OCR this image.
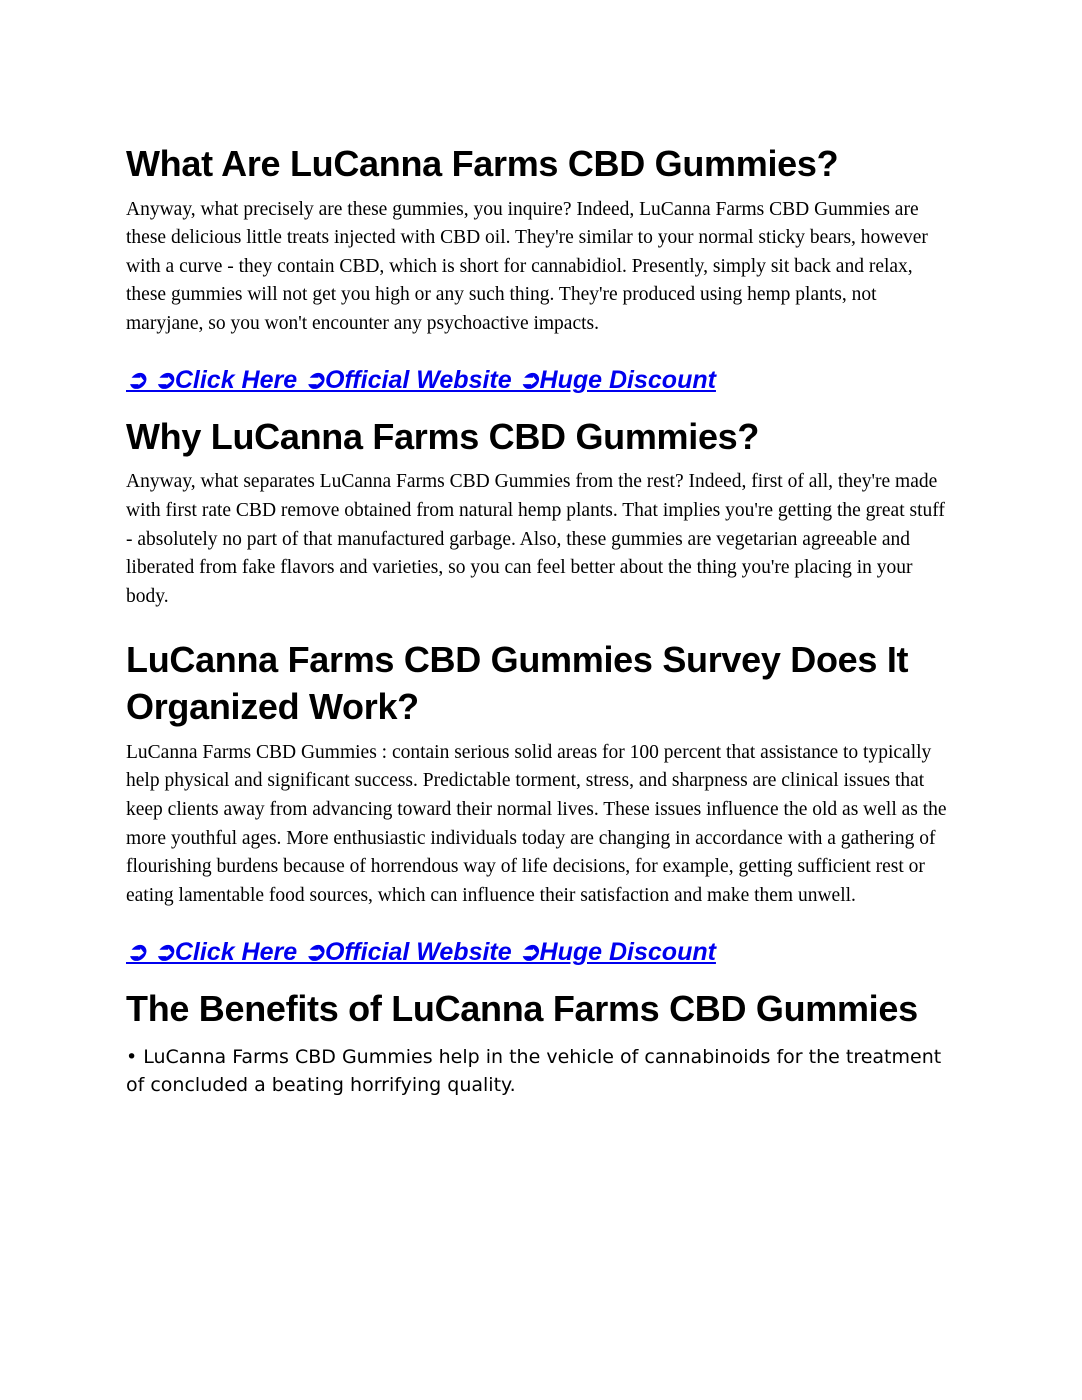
What Are LuCanna Farms CBD Gummies?

Anyway, what precisely are these gummies, you inquire? Indeed, LuCanna Farms CBD Gummies are these delicious little treats injected with CBD oil. They're similar to your normal sticky bears, however with a curve - they contain CBD, which is short for cannabidiol. Presently, simply sit back and relax, these gummies will not get you high or any such thing. They're produced using hemp plants, not maryjane, so you won't encounter any psychoactive impacts.

➲ ➲Click Here ➲Official Website ➲Huge Discount
Why LuCanna Farms CBD Gummies?

Anyway, what separates LuCanna Farms CBD Gummies from the rest? Indeed, first of all, they're made with first rate CBD remove obtained from natural hemp plants. That implies you're getting the great stuff - absolutely no part of that manufactured garbage. Also, these gummies are vegetarian agreeable and liberated from fake flavors and varieties, so you can feel better about the thing you're placing in your body.

LuCanna Farms CBD Gummies Survey Does It Organized Work?

LuCanna Farms CBD Gummies : contain serious solid areas for 100 percent that assistance to typically help physical and significant success. Predictable torment, stress, and sharpness are clinical issues that keep clients away from advancing toward their normal lives. These issues influence the old as well as the more youthful ages. More enthusiastic individuals today are changing in accordance with a gathering of flourishing burdens because of horrendous way of life decisions, for example, getting sufficient rest or eating lamentable food sources, which can influence their satisfaction and make them unwell.

➲ ➲Click Here ➲Official Website ➲Huge Discount
The Benefits of LuCanna Farms CBD Gummies

• LuCanna Farms CBD Gummies help in the vehicle of cannabinoids for the treatment of concluded a beating horrifying quality.
